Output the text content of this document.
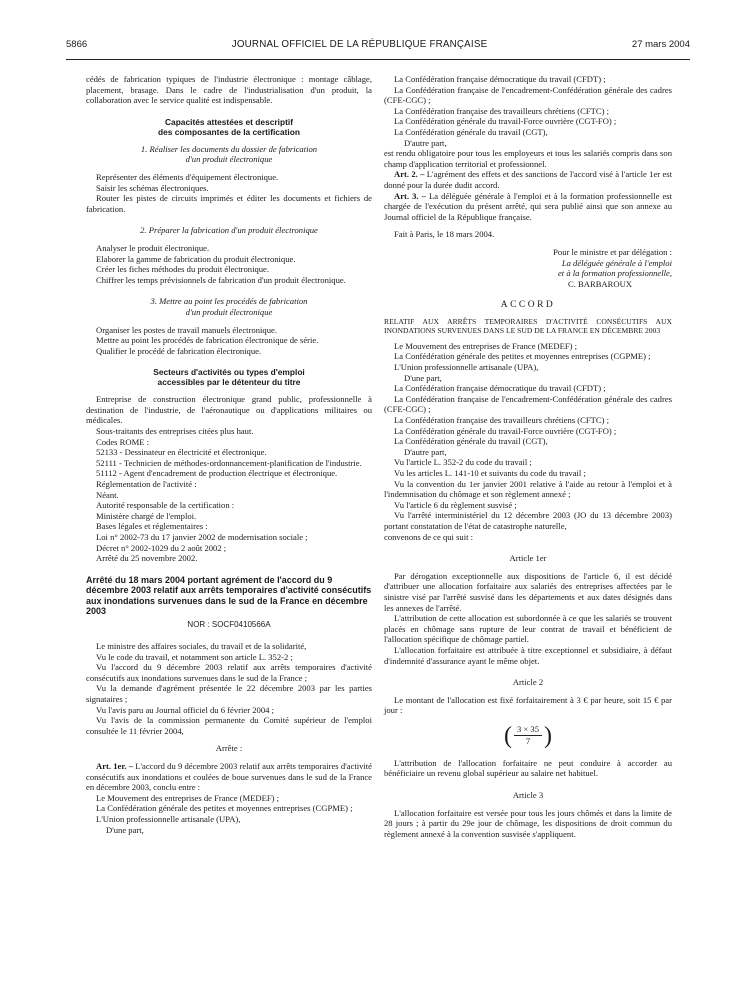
5866	JOURNAL OFFICIEL DE LA RÉPUBLIQUE FRANÇAISE	27 mars 2004

cédés de fabrication typiques de l'industrie électronique : montage câblage, placement, brasage. Dans le cadre de l'industrialisation d'un produit, la collaboration avec le service qualité est indispensable.

Capacités attestées et descriptif
des composantes de la certification

1. Réaliser les documents du dossier de fabrication

d'un produit électronique

Représenter des éléments d'équipement électronique.

Saisir les schémas électroniques.

Router les pistes de circuits imprimés et éditer les documents et fichiers de fabrication.

2. Préparer la fabrication d'un produit électronique

Analyser le produit électronique.

Elaborer la gamme de fabrication du produit électronique.

Créer les fiches méthodes du produit électronique.

Chiffrer les temps prévisionnels de fabrication d'un produit électronique.

3. Mettre au point les procédés de fabrication

d'un produit électronique

Organiser les postes de travail manuels électronique.

Mettre au point les procédés de fabrication électronique de série.

Qualifier le procédé de fabrication électronique.

Secteurs d'activités ou types d'emploi
accessibles par le détenteur du titre

Entreprise de construction électronique grand public, professionnelle à destination de l'industrie, de l'aéronautique ou d'applications militaires ou médicales.

Sous-traitants des entreprises citées plus haut.

Codes ROME :

52133 - Dessinateur en électricité et électronique.

52111 - Technicien de méthodes-ordonnancement-planification de l'industrie.

51112 - Agent d'encadrement de production électrique et électronique.

Réglementation de l'activité :

Néant.

Autorité responsable de la certification :

Ministère chargé de l'emploi.

Bases légales et réglementaires :

Loi n° 2002-73 du 17 janvier 2002 de modernisation sociale ;

Décret n° 2002-1029 du 2 août 2002 ;

Arrêté du 25 novembre 2002.

Arrêté du 18 mars 2004 portant agrément de l'accord du 9 décembre 2003 relatif aux arrêts temporaires d'activité consécutifs aux inondations survenues dans le sud de la France en décembre 2003

NOR : SOCF0410566A

Le ministre des affaires sociales, du travail et de la solidarité,

Vu le code du travail, et notamment son article L. 352-2 ;

Vu l'accord du 9 décembre 2003 relatif aux arrêts temporaires d'activité consécutifs aux inondations survenues dans le sud de la France ;

Vu la demande d'agrément présentée le 22 décembre 2003 par les parties signataires ;

Vu l'avis paru au Journal officiel du 6 février 2004 ;

Vu l'avis de la commission permanente du Comité supérieur de l'emploi consultée le 11 février 2004,

Arrête :

Art. 1er. – L'accord du 9 décembre 2003 relatif aux arrêts temporaires d'activité consécutifs aux inondations et coulées de boue survenues dans le sud de la France en décembre 2003, conclu entre :

Le Mouvement des entreprises de France (MEDEF) ;

La Confédération générale des petites et moyennes entreprises (CGPME) ;

L'Union professionnelle artisanale (UPA),

D'une part,

La Confédération française démocratique du travail (CFDT) ;

La Confédération française de l'encadrement-Confédération générale des cadres (CFE-CGC) ;

La Confédération française des travailleurs chrétiens (CFTC) ;

La Confédération générale du travail-Force ouvrière (CGT-FO) ;

La Confédération générale du travail (CGT),

D'autre part,

est rendu obligatoire pour tous les employeurs et tous les salariés compris dans son champ d'application territorial et professionnel.

Art. 2. – L'agrément des effets et des sanctions de l'accord visé à l'article 1er est donné pour la durée dudit accord.

Art. 3. – La déléguée générale à l'emploi et à la formation professionnelle est chargée de l'exécution du présent arrêté, qui sera publié ainsi que son annexe au Journal officiel de la République française.

Fait à Paris, le 18 mars 2004.

Pour le ministre et par délégation :

La déléguée générale à l'emploi

et à la formation professionnelle,

C. BARBAROUX

ACCORD

RELATIF AUX ARRÊTS TEMPORAIRES D'ACTIVITÉ CONSÉCUTIFS AUX INONDATIONS SURVENUES DANS LE SUD DE LA FRANCE EN DÉCEMBRE 2003

Le Mouvement des entreprises de France (MEDEF) ;

La Confédération générale des petites et moyennes entreprises (CGPME) ;

L'Union professionnelle artisanale (UPA),

D'une part,

La Confédération française démocratique du travail (CFDT) ;

La Confédération française de l'encadrement-Confédération générale des cadres (CFE-CGC) ;

La Confédération française des travailleurs chrétiens (CFTC) ;

La Confédération générale du travail-Force ouvrière (CGT-FO) ;

La Confédération générale du travail (CGT),

D'autre part,

Vu l'article L. 352-2 du code du travail ;

Vu les articles L. 141-10 et suivants du code du travail ;

Vu la convention du 1er janvier 2001 relative à l'aide au retour à l'emploi et à l'indemnisation du chômage et son règlement annexé ;

Vu l'article 6 du règlement susvisé ;

Vu l'arrêté interministériel du 12 décembre 2003 (JO du 13 décembre 2003) portant constatation de l'état de catastrophe naturelle,

convenons de ce qui suit :

Article 1er

Par dérogation exceptionnelle aux dispositions de l'article 6, il est décidé d'attribuer une allocation forfaitaire aux salariés des entreprises affectées par le sinistre visé par l'arrêté susvisé dans les départements et aux dates désignés dans les annexes de l'arrêté.

L'attribution de cette allocation est subordonnée à ce que les salariés se trouvent placés en chômage sans rupture de leur contrat de travail et bénéficient de l'allocation spécifique de chômage partiel.

L'allocation forfaitaire est attribuée à titre exceptionnel et subsidiaire, à défaut d'indemnité d'assurance ayant le même objet.

Article 2

Le montant de l'allocation est fixé forfaitairement à 3 € par heure, soit 15 € par jour :

( $\frac{3 \times 35}{7}$ )

L'attribution de l'allocation forfaitaire ne peut conduire à accorder au bénéficiaire un revenu global supérieur au salaire net habituel.

Article 3

L'allocation forfaitaire est versée pour tous les jours chômés et dans la limite de 28 jours ; à partir du 29e jour de chômage, les dispositions de droit commun du règlement annexé à la convention susvisée s'appliquent.
